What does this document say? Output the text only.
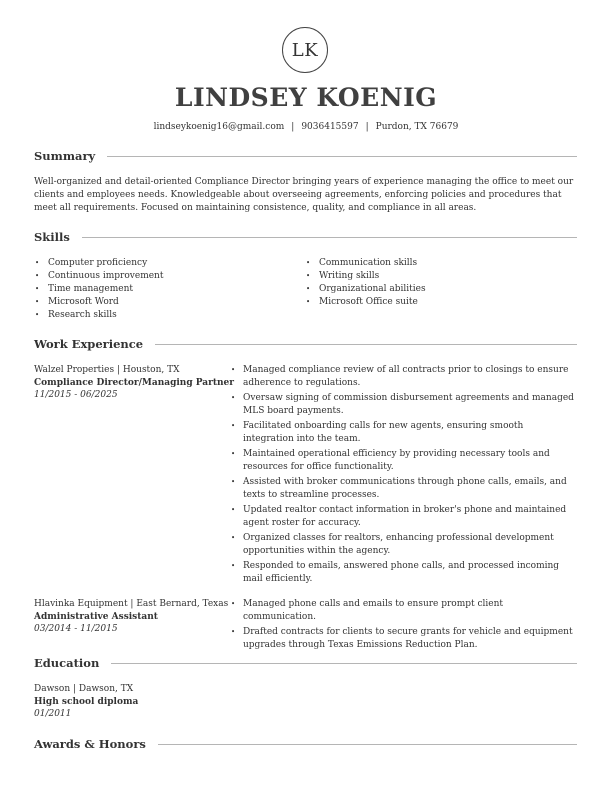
LK
LINDSEY KOENIG
lindseykoenig16@gmail.com | 9036415597 | Purdon, TX 76679
Summary
Well-organized and detail-oriented Compliance Director bringing years of experience managing the office to meet our clients and employees needs. Knowledgeable about overseeing agreements, enforcing policies and procedures that meet all requirements. Focused on maintaining consistence, quality, and compliance in all areas.
Skills
• Computer proficiency
• Continuous improvement
• Time management
• Microsoft Word
• Research skills
• Communication skills
• Writing skills
• Organizational abilities
• Microsoft Office suite
Work Experience
Walzel Properties | Houston, TX
Compliance Director/Managing Partner
11/2015 - 06/2025
• Managed compliance review of all contracts prior to closings to ensure adherence to regulations.
• Oversaw signing of commission disbursement agreements and managed MLS board payments.
• Facilitated onboarding calls for new agents, ensuring smooth integration into the team.
• Maintained operational efficiency by providing necessary tools and resources for office functionality.
• Assisted with broker communications through phone calls, emails, and texts to streamline processes.
• Updated realtor contact information in broker's phone and maintained agent roster for accuracy.
• Organized classes for realtors, enhancing professional development opportunities within the agency.
• Responded to emails, answered phone calls, and processed incoming mail efficiently.
Hlavinka Equipment | East Bernard, Texas
Administrative Assistant
03/2014 - 11/2015
• Managed phone calls and emails to ensure prompt client communication.
• Drafted contracts for clients to secure grants for vehicle and equipment upgrades through Texas Emissions Reduction Plan.
Education
Dawson | Dawson, TX
High school diploma
01/2011
Awards & Honors
